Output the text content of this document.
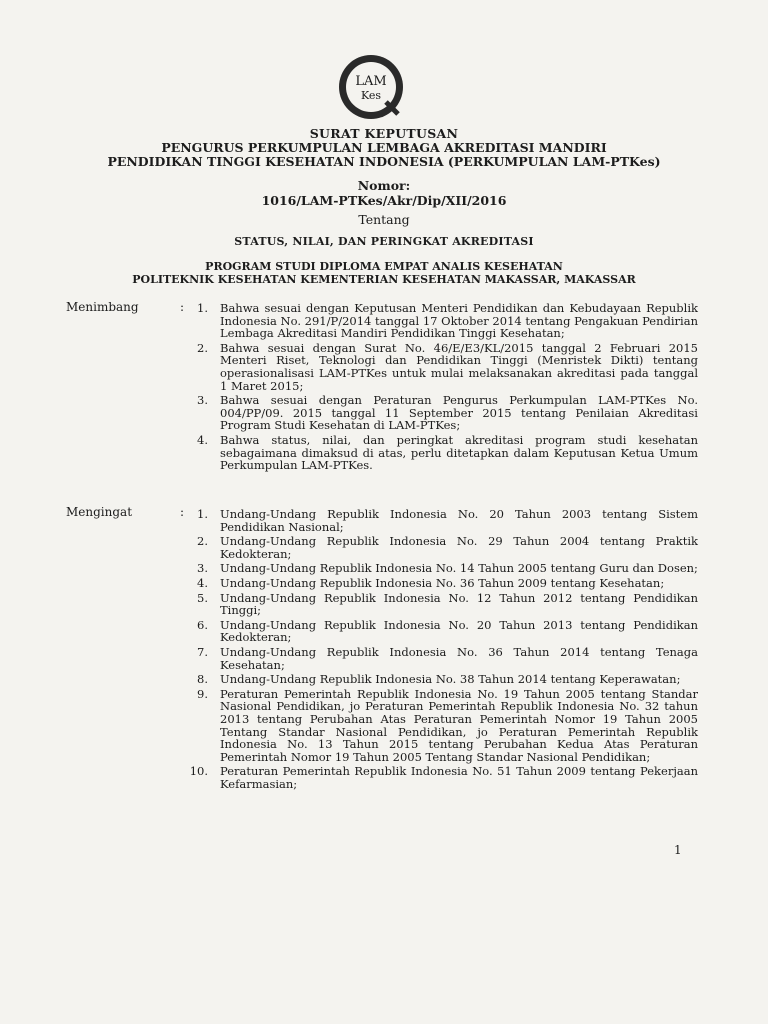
LAM
Kes
SURAT KEPUTUSAN
PENGURUS PERKUMPULAN LEMBAGA AKREDITASI MANDIRI
PENDIDIKAN TINGGI KESEHATAN INDONESIA (PERKUMPULAN LAM-PTKes)
Nomor:
1016/LAM-PTKes/Akr/Dip/XII/2016
Tentang
STATUS, NILAI, DAN PERINGKAT AKREDITASI
PROGRAM STUDI DIPLOMA EMPAT ANALIS KESEHATAN
POLITEKNIK KESEHATAN KEMENTERIAN KESEHATAN MAKASSAR, MAKASSAR
Menimbang	:	1. Bahwa sesuai dengan Keputusan Menteri Pendidikan dan Kebudayaan Republik Indonesia No. 291/P/2014 tanggal 17 Oktober 2014 tentang Pengakuan Pendirian Lembaga Akreditasi Mandiri Pendidikan Tinggi Kesehatan;
2. Bahwa sesuai dengan Surat No. 46/E/E3/KL/2015 tanggal 2 Februari 2015 Menteri Riset, Teknologi dan Pendidikan Tinggi (Menristek Dikti) tentang operasionalisasi LAM-PTKes untuk mulai melaksanakan akreditasi pada tanggal 1 Maret 2015;
3. Bahwa sesuai dengan Peraturan Pengurus Perkumpulan LAM-PTKes No. 004/PP/09. 2015 tanggal 11 September 2015 tentang Penilaian Akreditasi Program Studi Kesehatan di LAM-PTKes;
4. Bahwa status, nilai, dan peringkat akreditasi program studi kesehatan sebagaimana dimaksud di atas, perlu ditetapkan dalam Keputusan Ketua Umum Perkumpulan LAM-PTKes.
Mengingat	:	1. Undang-Undang Republik Indonesia No. 20 Tahun 2003 tentang Sistem Pendidikan Nasional;
2. Undang-Undang Republik Indonesia No. 29 Tahun 2004 tentang Praktik Kedokteran;
3. Undang-Undang Republik Indonesia No. 14 Tahun 2005 tentang Guru dan Dosen;
4. Undang-Undang Republik Indonesia No. 36 Tahun 2009 tentang Kesehatan;
5. Undang-Undang Republik Indonesia No. 12 Tahun 2012 tentang Pendidikan Tinggi;
6. Undang-Undang Republik Indonesia No. 20 Tahun 2013 tentang Pendidikan Kedokteran;
7. Undang-Undang Republik Indonesia No. 36 Tahun 2014 tentang Tenaga Kesehatan;
8. Undang-Undang Republik Indonesia No. 38 Tahun 2014 tentang Keperawatan;
9. Peraturan Pemerintah Republik Indonesia No. 19 Tahun 2005 tentang Standar Nasional Pendidikan, jo Peraturan Pemerintah Republik Indonesia No. 32 tahun 2013 tentang Perubahan Atas Peraturan Pemerintah Nomor 19 Tahun 2005 Tentang Standar Nasional Pendidikan, jo Peraturan Pemerintah Republik Indonesia No. 13 Tahun 2015 tentang Perubahan Kedua Atas Peraturan Pemerintah Nomor 19 Tahun 2005 Tentang Standar Nasional Pendidikan;
10. Peraturan Pemerintah Republik Indonesia No. 51 Tahun 2009 tentang Pekerjaan Kefarmasian;
1
